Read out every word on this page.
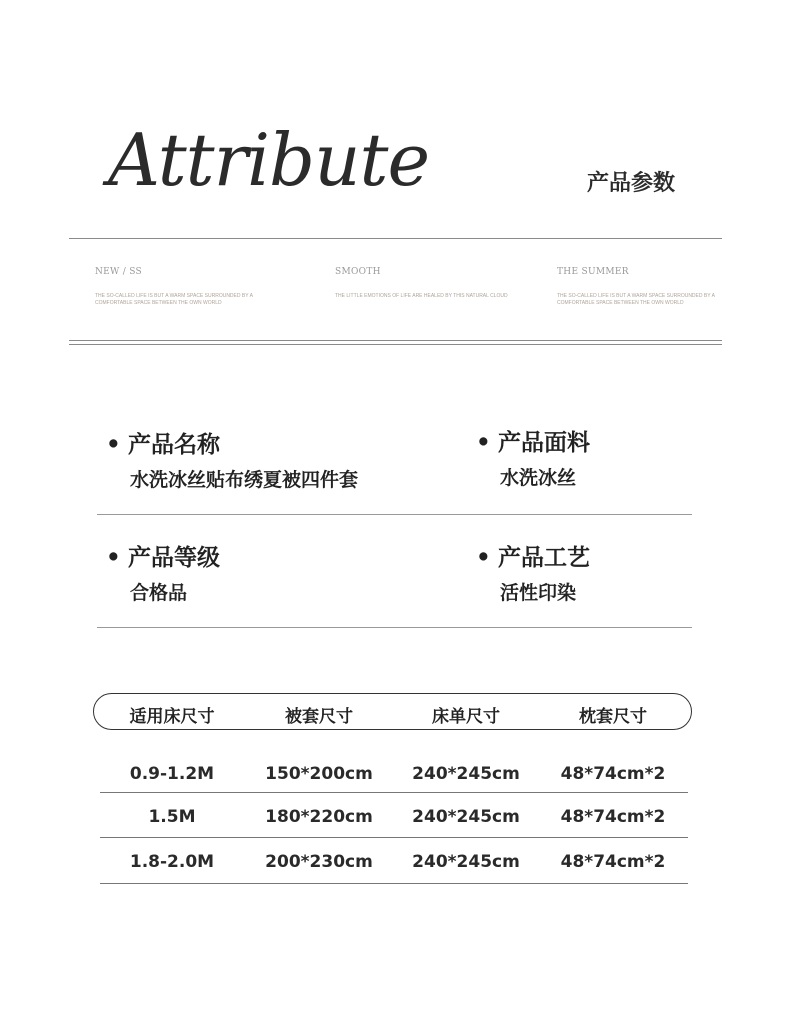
Attribute	产品参数
NEW / SS
THE SO-CALLED LIFE IS BUT A WARM SPACE SURROUNDED BY A COMFORTABLE SPACE BETWEEN THE OWN WORLD
SMOOTH
THE LITTLE EMOTIONS OF LIFE ARE HEALED BY THIS NATURAL CLOUD
THE SUMMER
THE SO-CALLED LIFE IS BUT A WARM SPACE SURROUNDED BY A COMFORTABLE SPACE BETWEEN THE OWN WORLD
• 产品名称
水洗冰丝贴布绣夏被四件套
• 产品面料
水洗冰丝
• 产品等级
合格品
• 产品工艺
活性印染
适用床尺寸	被套尺寸	床单尺寸	枕套尺寸
0.9-1.2M	150*200cm	240*245cm	48*74cm*2
1.5M	180*220cm	240*245cm	48*74cm*2
1.8-2.0M	200*230cm	240*245cm	48*74cm*2
